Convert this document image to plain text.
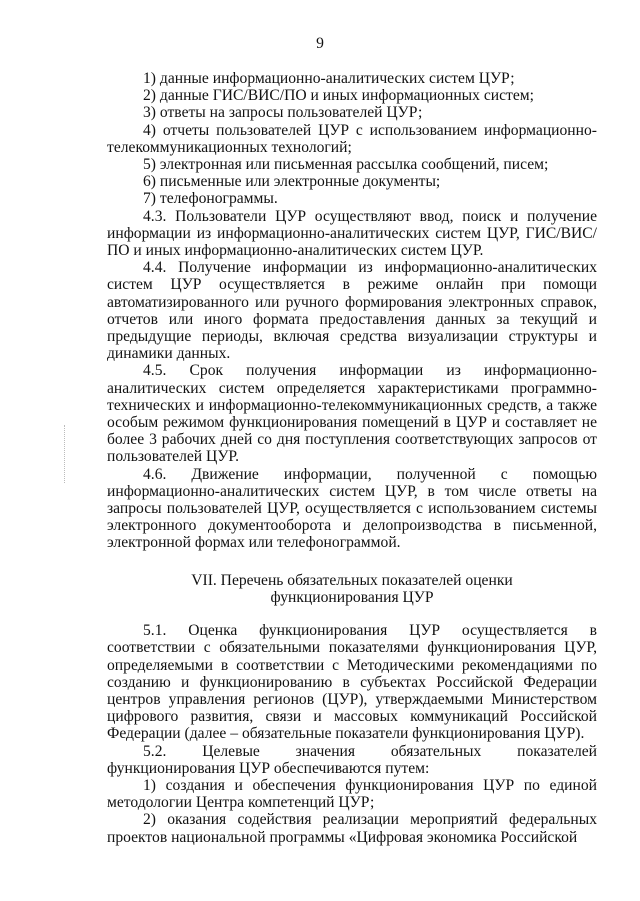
9

1) данные информационно-аналитических систем ЦУР;

2) данные ГИС/ВИС/ПО и иных информационных систем;

3) ответы на запросы пользователей ЦУР;

4) отчеты пользователей ЦУР с использованием информационно-телекоммуникационных технологий;

5) электронная или письменная рассылка сообщений, писем;

6) письменные или электронные документы;

7) телефонограммы.

4.3. Пользователи ЦУР осуществляют ввод, поиск и получение информации из информационно-аналитических систем ЦУР, ГИС/ВИС/ПО и иных информационно-аналитических систем ЦУР.

4.4. Получение информации из информационно-аналитических систем ЦУР осуществляется в режиме онлайн при помощи автоматизированного или ручного формирования электронных справок, отчетов или иного формата предоставления данных за текущий и предыдущие периоды, включая средства визуализации структуры и динамики данных.

4.5. Срок получения информации из информационно-аналитических систем определяется характеристиками программно-технических и информационно-телекоммуникационных средств, а также особым режимом функционирования помещений в ЦУР и составляет не более 3 рабочих дней со дня поступления соответствующих запросов от пользователей ЦУР.

4.6. Движение информации, полученной с помощью информационно-аналитических систем ЦУР, в том числе ответы на запросы пользователей ЦУР, осуществляется с использованием системы электронного документооборота и делопроизводства в письменной, электронной формах или телефонограммой.

VII. Перечень обязательных показателей оценки
функционирования ЦУР

5.1. Оценка функционирования ЦУР осуществляется в соответствии с обязательными показателями функционирования ЦУР, определяемыми в соответствии с Методическими рекомендациями по созданию и функционированию в субъектах Российской Федерации центров управления регионов (ЦУР), утверждаемыми Министерством цифрового развития, связи и массовых коммуникаций Российской Федерации (далее – обязательные показатели функционирования ЦУР).

5.2. Целевые значения обязательных показателей функционирования ЦУР обеспечиваются путем:

1) создания и обеспечения функционирования ЦУР по единой методологии Центра компетенций ЦУР;

2) оказания содействия реализации мероприятий федеральных проектов национальной программы «Цифровая экономика Российской
